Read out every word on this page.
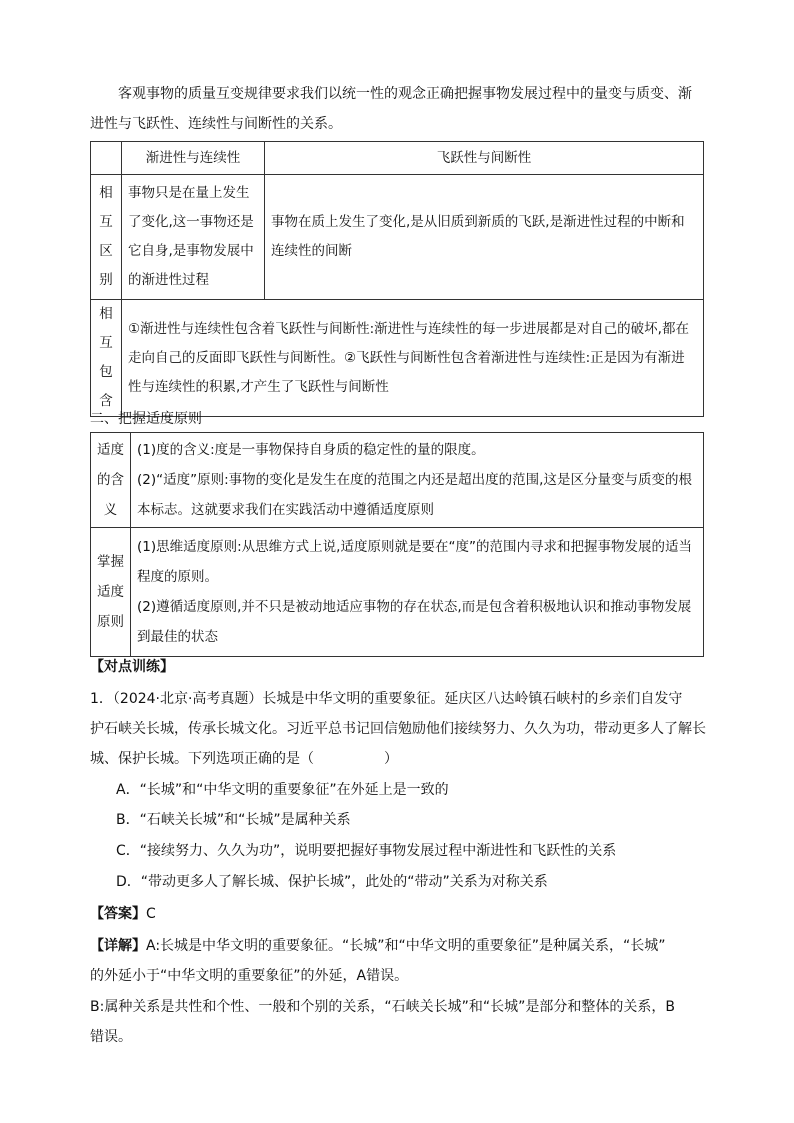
客观事物的质量互变规律要求我们以统一性的观念正确把握事物发展过程中的量变与质变、渐进性与飞跃性、连续性与间断性的关系。
	渐进性与连续性	飞跃性与间断性
相互区别	事物只是在量上发生了变化,这一事物还是它自身,是事物发展中的渐进性过程	事物在质上发生了变化,是从旧质到新质的飞跃,是渐进性过程的中断和连续性的间断
相互包含	①渐进性与连续性包含着飞跃性与间断性:渐进性与连续性的每一步进展都是对自己的破坏,都在走向自己的反面即飞跃性与间断性。②飞跃性与间断性包含着渐进性与连续性:正是因为有渐进性与连续性的积累,才产生了飞跃性与间断性	
二、把握适度原则
适度的含义	(1)度的含义:度是一事物保持自身质的稳定性的量的限度。
(2)“适度”原则:事物的变化是发生在度的范围之内还是超出度的范围,这是区分量变与质变的根本标志。这就要求我们在实践活动中遵循适度原则

掌握适度原则	(1)思维适度原则:从思维方式上说,适度原则就是要在“度”的范围内寻求和把握事物发展的适当程度的原则。
(2)遵循适度原则,并不只是被动地适应事物的存在状态,而是包含着积极地认识和推动事物发展到最佳的状态
【对点训练】
1．（2024·北京·高考真题）长城是中华文明的重要象征。延庆区八达岭镇石峡村的乡亲们自发守
护石峡关长城，传承长城文化。习近平总书记回信勉励他们接续努力、久久为功，带动更多人了解长
城、保护长城。下列选项正确的是（　　　　　）
A．“长城”和“中华文明的重要象征”在外延上是一致的
B．“石峡关长城”和“长城”是属种关系
C．“接续努力、久久为功”，说明要把握好事物发展过程中渐进性和飞跃性的关系
D．“带动更多人了解长城、保护长城”，此处的“带动”关系为对称关系
【答案】C
【详解】A:长城是中华文明的重要象征。“长城”和“中华文明的重要象征”是种属关系，“长城”
的外延小于“中华文明的重要象征”的外延，A错误。
B:属种关系是共性和个性、一般和个别的关系，“石峡关长城”和“长城”是部分和整体的关系，B
错误。
